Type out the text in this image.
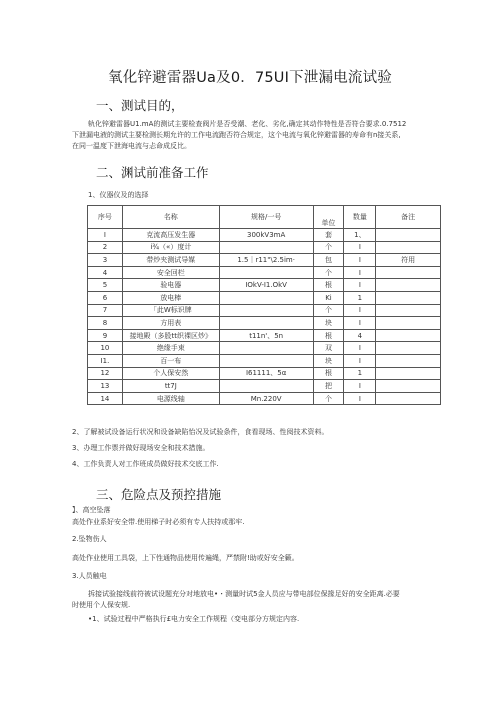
氧化锌避雷器Ua及0．75UI下泄漏电流试验
一、测试目的，
轨化锌避雷器U1.mA的测试主要检查阀片是否受潮、老化、劣化,确定其动作特性是否符合要求.0.7512
下泄漏电液的测试主要检测长期允许的工作电流跑否符合规定，这个电流与氧化锌避雷器的寿命有n接关系,
在同一温度下泄海电流与忐命成反比。
二、渊试前准备工作
1、仪器仪及的选择
序号	名称	规格/一号	单位	数量	备注
I	克流高压发生器	300kV3mA	套	1、	
2	i¾（«）度计		个	I	
3	带炒夹测试导媒	1.5｜r11"\2.5im·	包	I	符用
4	安全回栏		个	I	
5	验电器	IOkV-I1.OkV	根	I	
6	放电棒		Ki	1	
7	「此W标识牌		个	I	
8	方用表		块	I	
9	接地殿（多股tt织裸区炒》	t11n'、5n	根	4	
10	绝缘手束		双	I	
I1.	百一布		块	I	
12	个人保安然	I61111、5α	根	1	
13	tt7J		把	I	
14	电源线轴	Mn.220V	个	I	
2、了解被试设备运行状况和设备缺陷怡况及试验条件，食看现场、性阅技术资料。
3、办理工作票并做好现场安全和技术措施。
4、工作负责人对工作班成员做好技术交底工作.
三、危险点及预控措施
】、高空坠落
高处作业系好安全带.使用梯子时必须有专人扶持或那牢.
2.坠物伤人
高处作业使用工具袋，上下性通物品使用传遍绳，严禁附!助或好安全籁。
3.人员触电
拆接试验接线前符被试设题充分对地放电•・测量时试5金人员应与带电部位保掾足好的安全距离.必要
时使用个人保安规.
•1、试验过程中严格执行£电力安全工作规程（变电部分方规定内容.
